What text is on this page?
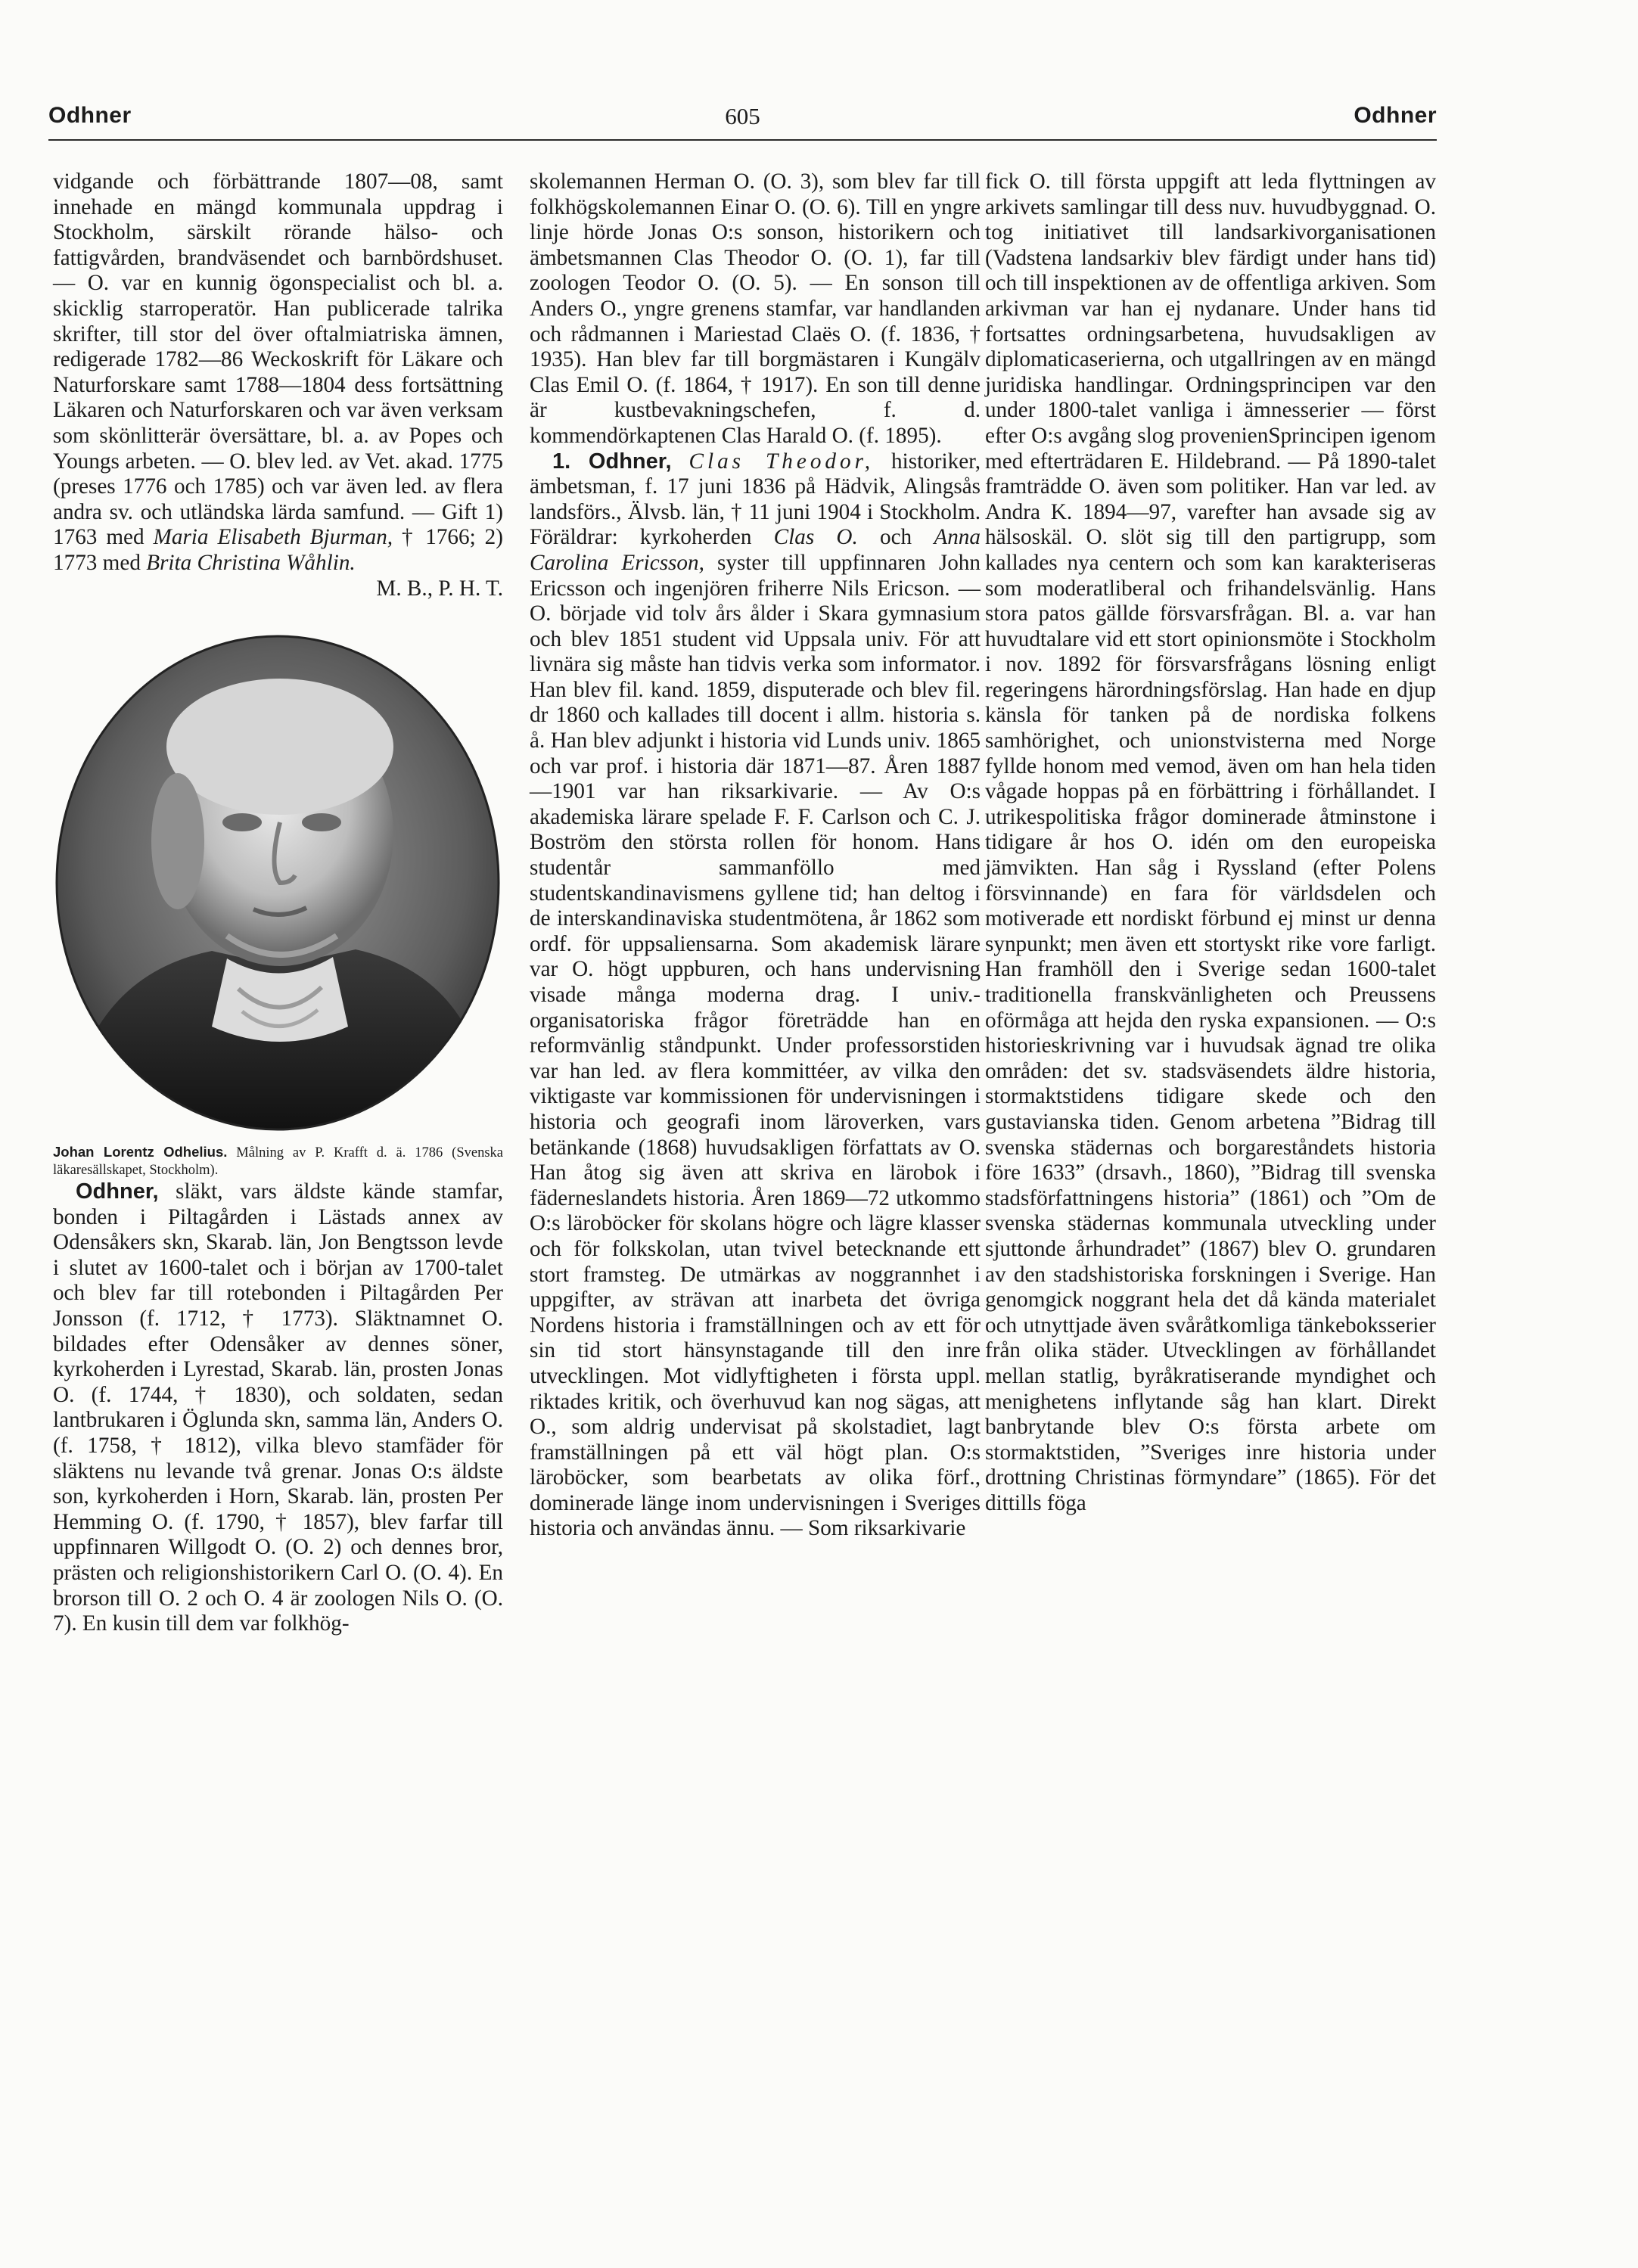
Odhner	605	Odhner

vidgande och förbättrande 1807—08, samt innehade en mängd kommunala uppdrag i Stockholm, särskilt rörande hälso- och fattigvården, brandväsendet och barnbördshuset. — O. var en kunnig ögonspecialist och bl. a. skicklig starroperatör. Han publicerade talrika skrifter, till stor del över oftalmiatriska ämnen, redigerade 1782—86 Weckoskrift för Läkare och Naturforskare samt 1788—1804 dess fortsättning Läkaren och Naturforskaren och var även verksam som skönlitterär översättare, bl. a. av Popes och Youngs arbeten. — O. blev led. av Vet. akad. 1775 (preses 1776 och 1785) och var även led. av flera andra sv. och utländska lärda samfund. — Gift 1) 1763 med Maria Elisabeth Bjurman, † 1766; 2) 1773 med Brita Christina Wåhlin.

M. B., P. H. T.

Johan Lorentz Odhelius. Målning av P. Krafft d. ä. 1786 (Svenska läkaresällskapet, Stockholm).

Odhner, släkt, vars äldste kände stamfar, bonden i Piltagården i Lästads annex av Odensåkers skn, Skarab. län, Jon Bengtsson levde i slutet av 1600-talet och i början av 1700-talet och blev far till rotebonden i Piltagården Per Jonsson (f. 1712, † 1773). Släktnamnet O. bildades efter Odensåker av dennes söner, kyrkoherden i Lyrestad, Skarab. län, prosten Jonas O. (f. 1744, † 1830), och soldaten, sedan lantbrukaren i Öglunda skn, samma län, Anders O. (f. 1758, † 1812), vilka blevo stamfäder för släktens nu levande två grenar. Jonas O:s äldste son, kyrkoherden i Horn, Skarab. län, prosten Per Hemming O. (f. 1790, † 1857), blev farfar till uppfinnaren Willgodt O. (O. 2) och dennes bror, prästen och religionshistorikern Carl O. (O. 4). En brorson till O. 2 och O. 4 är zoologen Nils O. (O. 7). En kusin till dem var folkhög-

skolemannen Herman O. (O. 3), som blev far till folkhögskolemannen Einar O. (O. 6). Till en yngre linje hörde Jonas O:s sonson, historikern och ämbetsmannen Clas Theodor O. (O. 1), far till zoologen Teodor O. (O. 5). — En sonson till Anders O., yngre grenens stamfar, var handlanden och rådmannen i Mariestad Claës O. (f. 1836, † 1935). Han blev far till borgmästaren i Kungälv Clas Emil O. (f. 1864, † 1917). En son till denne är kustbevakningschefen, f. d. kommendörkaptenen Clas Harald O. (f. 1895).

1. Odhner, Clas Theodor, historiker, ämbetsman, f. 17 juni 1836 på Hädvik, Alingsås landsförs., Älvsb. län, † 11 juni 1904 i Stockholm. Föräldrar: kyrkoherden Clas O. och Anna Carolina Ericsson, syster till uppfinnaren John Ericsson och ingenjören friherre Nils Ericson. — O. började vid tolv års ålder i Skara gymnasium och blev 1851 student vid Uppsala univ. För att livnära sig måste han tidvis verka som informator. Han blev fil. kand. 1859, disputerade och blev fil. dr 1860 och kallades till docent i allm. historia s. å. Han blev adjunkt i historia vid Lunds univ. 1865 och var prof. i historia där 1871—87. Åren 1887—1901 var han riksarkivarie. — Av O:s akademiska lärare spelade F. F. Carlson och C. J. Boström den största rollen för honom. Hans studentår sammanföllo med studentskandinavismens gyllene tid; han deltog i de interskandinaviska studentmötena, år 1862 som ordf. för uppsaliensarna. Som akademisk lärare var O. högt uppburen, och hans undervisning visade många moderna drag. I univ.-organisatoriska frågor företrädde han en reformvänlig ståndpunkt. Under professorstiden var han led. av flera kommittéer, av vilka den viktigaste var kommissionen för undervisningen i historia och geografi inom läroverken, vars betänkande (1868) huvudsakligen författats av O. Han åtog sig även att skriva en lärobok i fäderneslandets historia. Åren 1869—72 utkommo O:s läroböcker för skolans högre och lägre klasser och för folkskolan, utan tvivel betecknande ett stort framsteg. De utmärkas av noggrannhet i uppgifter, av strävan att inarbeta det övriga Nordens historia i framställningen och av ett för sin tid stort hänsynstagande till den inre utvecklingen. Mot vidlyftigheten i första uppl. riktades kritik, och överhuvud kan nog sägas, att O., som aldrig undervisat på skolstadiet, lagt framställningen på ett väl högt plan. O:s läroböcker, som bearbetats av olika förf., dominerade länge inom undervisningen i Sveriges historia och användas ännu. — Som riksarkivarie

fick O. till första uppgift att leda flyttningen av arkivets samlingar till dess nuv. huvudbyggnad. O. tog initiativet till landsarkivorganisationen (Vadstena landsarkiv blev färdigt under hans tid) och till inspektionen av de offentliga arkiven. Som arkivman var han ej nydanare. Under hans tid fortsattes ordningsarbetena, huvudsakligen av diplomaticaserierna, och utgallringen av en mängd juridiska handlingar. Ordningsprincipen var den under 1800-talet vanliga i ämnesserier — först efter O:s avgång slog provenienSprincipen igenom med efterträdaren E. Hildebrand. — På 1890-talet framträdde O. även som politiker. Han var led. av Andra K. 1894—97, varefter han avsade sig av hälsoskäl. O. slöt sig till den partigrupp, som kallades nya centern och som kan karakteriseras som moderatliberal och frihandelsvänlig. Hans stora patos gällde försvarsfrågan. Bl. a. var han huvudtalare vid ett stort opinionsmöte i Stockholm i nov. 1892 för försvarsfrågans lösning enligt regeringens härordningsförslag. Han hade en djup känsla för tanken på de nordiska folkens samhörighet, och unionstvisterna med Norge fyllde honom med vemod, även om han hela tiden vågade hoppas på en förbättring i förhållandet. I utrikespolitiska frågor dominerade åtminstone i tidigare år hos O. idén om den europeiska jämvikten. Han såg i Ryssland (efter Polens försvinnande) en fara för världsdelen och motiverade ett nordiskt förbund ej minst ur denna synpunkt; men även ett stortyskt rike vore farligt. Han framhöll den i Sverige sedan 1600-talet traditionella franskvänligheten och Preussens oförmåga att hejda den ryska expansionen. — O:s historieskrivning var i huvudsak ägnad tre olika områden: det sv. stadsväsendets äldre historia, stormaktstidens tidigare skede och den gustavianska tiden. Genom arbetena ”Bidrag till svenska städernas och borgareståndets historia före 1633” (drsavh., 1860), ”Bidrag till svenska stadsförfattningens historia” (1861) och ”Om de svenska städernas kommunala utveckling under sjuttonde århundradet” (1867) blev O. grundaren av den stadshistoriska forskningen i Sverige. Han genomgick noggrant hela det då kända materialet och utnyttjade även svåråtkomliga tänkeboksserier från olika städer. Utvecklingen av förhållandet mellan statlig, byråkratiserande myndighet och menighetens inflytande såg han klart. Direkt banbrytande blev O:s första arbete om stormaktstiden, ”Sveriges inre historia under drottning Christinas förmyndare” (1865). För det dittills föga
